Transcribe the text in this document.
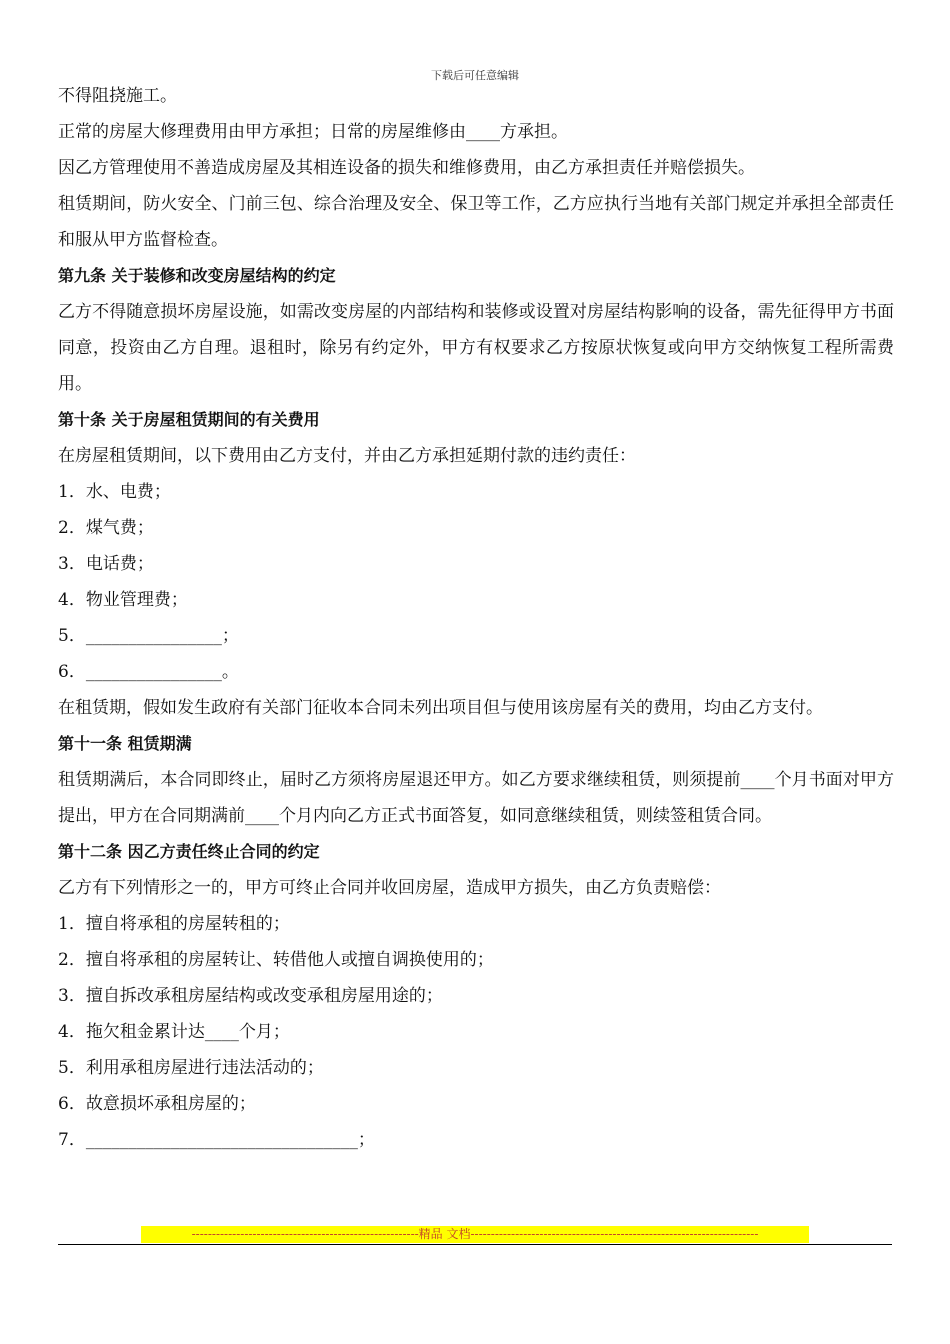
下载后可任意编辑
不得阻挠施工。
正常的房屋大修理费用由甲方承担；日常的房屋维修由____方承担。
因乙方管理使用不善造成房屋及其相连设备的损失和维修费用，由乙方承担责任并赔偿损失。
租赁期间，防火安全、门前三包、综合治理及安全、保卫等工作，乙方应执行当地有关部门规定并承担全部责任和服从甲方监督检查。
第九条 关于装修和改变房屋结构的约定
乙方不得随意损坏房屋设施，如需改变房屋的内部结构和装修或设置对房屋结构影响的设备，需先征得甲方书面同意，投资由乙方自理。退租时，除另有约定外，甲方有权要求乙方按原状恢复或向甲方交纳恢复工程所需费用。
第十条 关于房屋租赁期间的有关费用
在房屋租赁期间，以下费用由乙方支付，并由乙方承担延期付款的违约责任：
1．水、电费；
2．煤气费；
3．电话费；
4．物业管理费；
5．________________；
6．________________。
在租赁期，假如发生政府有关部门征收本合同未列出项目但与使用该房屋有关的费用，均由乙方支付。
第十一条 租赁期满
租赁期满后，本合同即终止，届时乙方须将房屋退还甲方。如乙方要求继续租赁，则须提前____个月书面对甲方提出，甲方在合同期满前____个月内向乙方正式书面答复，如同意继续租赁，则续签租赁合同。
第十二条 因乙方责任终止合同的约定
乙方有下列情形之一的，甲方可终止合同并收回房屋，造成甲方损失，由乙方负责赔偿：
1．擅自将承租的房屋转租的；
2．擅自将承租的房屋转让、转借他人或擅自调换使用的；
3．擅自拆改承租房屋结构或改变承租房屋用途的；
4．拖欠租金累计达____个月；
5．利用承租房屋进行违法活动的；
6．故意损坏承租房屋的；
7．________________________________；
--------------------------------------------------------精品 文档-----------------------------------------------------------------------
